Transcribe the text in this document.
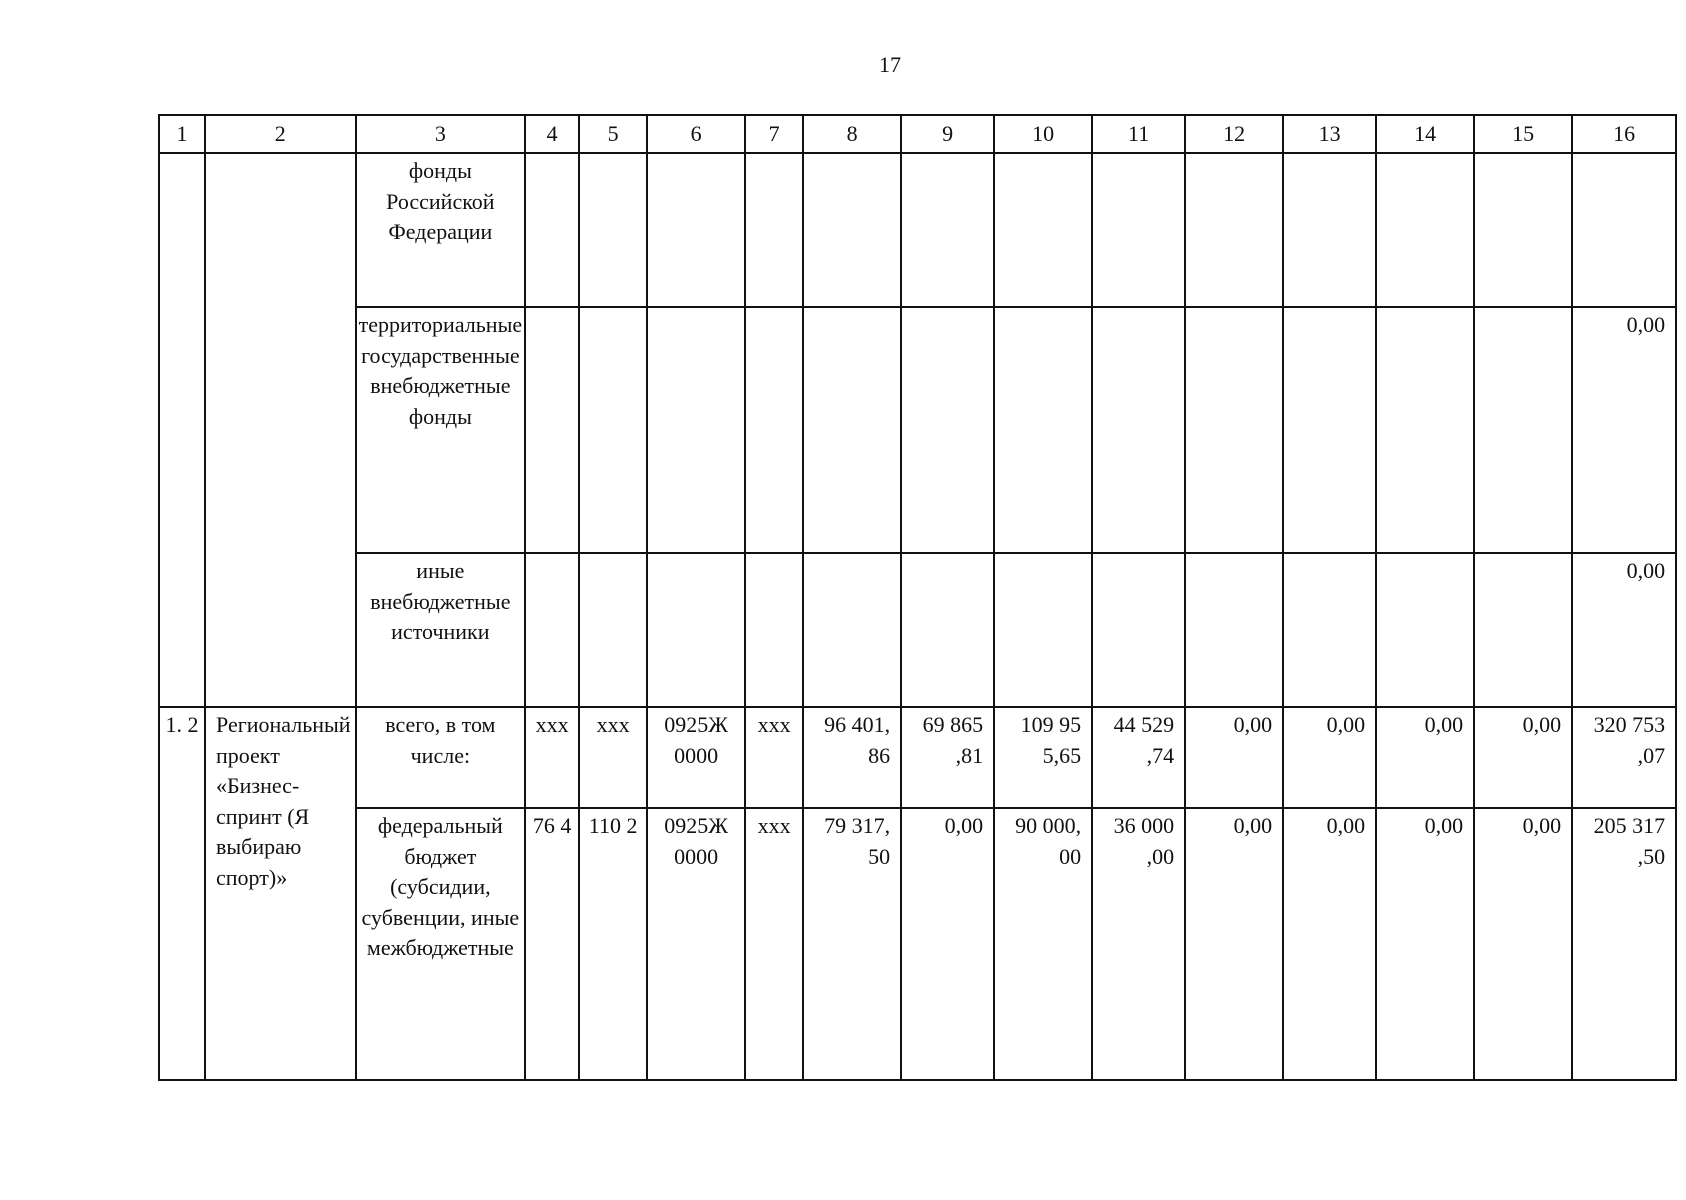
17
1	2	3	4	5	6	7	8	9	10	11	12	13	14	15	16
		фонды Российской Федерации													
		территориальные государственные внебюджетные фонды													0,00
		иные внебюджетные источники													0,00
1. 2	Региональный проект «Бизнес-спринт (Я выбираю спорт)»	всего, в том числе:	ххх	ххх	0925Ж 0000	ххх	96 401, 86	69 865 ,81	109 95 5,65	44 529 ,74	0,00	0,00	0,00	0,00	320 753 ,07
		федеральный бюджет (субсидии, субвенции, иные межбюджетные	76 4	110 2	0925Ж 0000	ххх	79 317, 50	0,00	90 000, 00	36 000 ,00	0,00	0,00	0,00	0,00	205 317 ,50
